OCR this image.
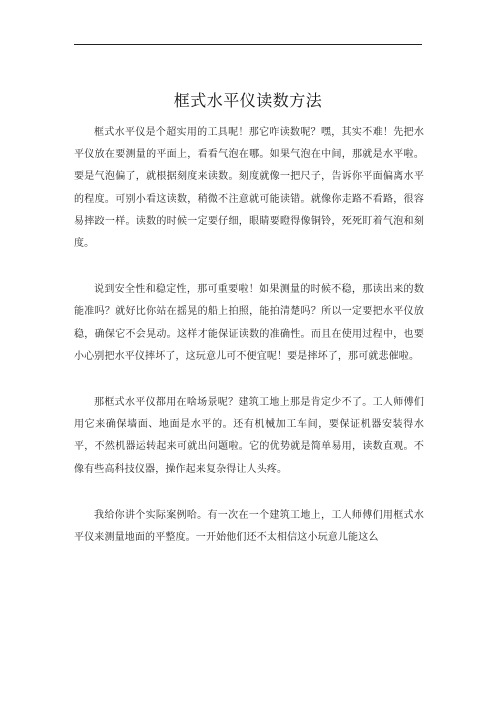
框式水平仪读数方法

框式水平仪是个超实用的工具呢！那它咋读数呢？嘿，其实不难！先把水平仪放在要测量的平面上，看看气泡在哪。如果气泡在中间，那就是水平啦。要是气泡偏了，就根据刻度来读数。刻度就像一把尺子，告诉你平面偏离水平的程度。可别小看这读数，稍微不注意就可能读错。就像你走路不看路，很容易摔跤一样。读数的时候一定要仔细，眼睛要瞪得像铜铃，死死盯着气泡和刻度。

说到安全性和稳定性，那可重要啦！如果测量的时候不稳，那读出来的数能准吗？就好比你站在摇晃的船上拍照，能拍清楚吗？所以一定要把水平仪放稳，确保它不会晃动。这样才能保证读数的准确性。而且在使用过程中，也要小心别把水平仪摔坏了，这玩意儿可不便宜呢！要是摔坏了，那可就悲催啦。

那框式水平仪都用在啥场景呢？建筑工地上那是肯定少不了。工人师傅们用它来确保墙面、地面是水平的。还有机械加工车间，要保证机器安装得水平，不然机器运转起来可就出问题啦。它的优势就是简单易用，读数直观。不像有些高科技仪器，操作起来复杂得让人头疼。

我给你讲个实际案例哈。有一次在一个建筑工地上，工人师傅们用框式水平仪来测量地面的平整度。一开始他们还不太相信这小玩意儿能这么
